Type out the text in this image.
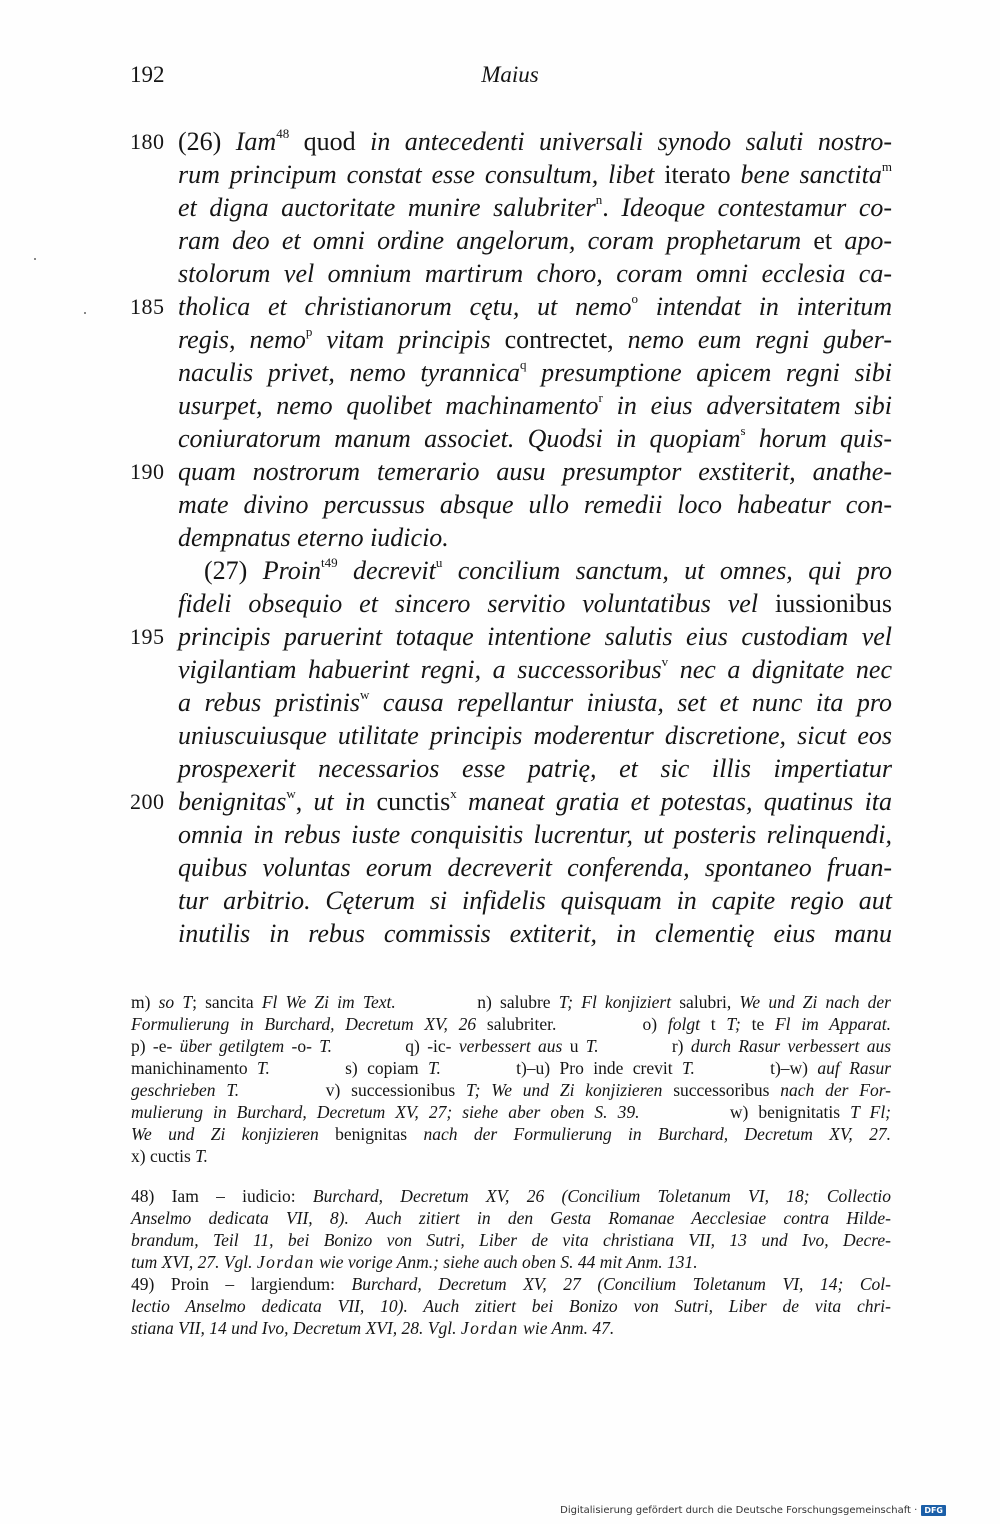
192	Maius
(26) Iam$^{48}$ quod in antecedenti universali synodo saluti nostro-
180
rum principum constat esse consultum, libet iterato bene sanctita$^m$
et digna auctoritate munire salubriter$^n$. Ideoque contestamur co-
ram deo et omni ordine angelorum, coram prophetarum et apo-
stolorum vel omnium martirum choro, coram omni ecclesia ca-
tholica et christianorum cętu, ut nemo$^o$ intendat in interitum
185
regis, nemo$^p$ vitam principis contrectet, nemo eum regni guber-
naculis privet, nemo tyrannica$^q$ presumptione apicem regni sibi
usurpet, nemo quolibet machinamento$^r$ in eius adversitatem sibi
coniuratorum manum associet. Quodsi in quopiam$^s$ horum quis-
quam nostrorum temerario ausu presumptor exstiterit, anathe-
190
mate divino percussus absque ullo remedii loco habeatur con-
dempnatus eterno iudicio.
(27) Proin$^{t49}$ decrevit$^u$ concilium sanctum, ut omnes, qui pro
fideli obsequio et sincero servitio voluntatibus vel iussionibus
principis paruerint totaque intentione salutis eius custodiam vel
195
vigilantiam habuerint regni, a successoribus$^v$ nec a dignitate nec
a rebus pristinis$^w$ causa repellantur iniusta, set et nunc ita pro
uniuscuiusque utilitate principis moderentur discretione, sicut eos
prospexerit necessarios esse patrię, et sic illis impertiatur
benignitas$^w$, ut in cunctis$^x$ maneat gratia et potestas, quatinus ita
200
omnia in rebus iuste conquisitis lucrentur, ut posteris relinquendi,
quibus voluntas eorum decreverit conferenda, spontaneo fruan-
tur arbitrio. Cęterum si infidelis quisquam in capite regio aut
inutilis in rebus commissis extiterit, in clementię eius manu
m) so T; sancita Fl We Zi im Text.          n) salubre T; Fl konjiziert salubri, We und Zi nach der
Formulierung in Burchard, Decretum XV, 26 salubriter.        o) folgt t T; te Fl im Apparat.
p) -e- über getilgtem -o- T.          q) -ic- verbessert aus u T.          r) durch Rasur verbessert aus
manichinamento T.        s) copiam T.        t)–u) Pro inde crevit T.        t)–w) auf Rasur
geschrieben T.        v) successionibus T; We und Zi konjizieren successoribus nach der For-
mulierung in Burchard, Decretum XV, 27; siehe aber oben S. 39.         w) benignitatis T Fl;
We und Zi konjizieren benignitas nach der Formulierung in Burchard, Decretum XV, 27.
x) cuctis T.
48) Iam – iudicio: Burchard, Decretum XV, 26 (Concilium Toletanum VI, 18; Collectio
Anselmo dedicata VII, 8). Auch zitiert in den Gesta Romanae Aecclesiae contra Hilde-
brandum, Teil 11, bei Bonizo von Sutri, Liber de vita christiana VII, 13 und Ivo, Decre-
tum XVI, 27. Vgl. Jordan wie vorige Anm.; siehe auch oben S. 44 mit Anm. 131.
49) Proin – largiendum: Burchard, Decretum XV, 27 (Concilium Toletanum VI, 14; Col-
lectio Anselmo dedicata VII, 10). Auch zitiert bei Bonizo von Sutri, Liber de vita chri-
stiana VII, 14 und Ivo, Decretum XVI, 28. Vgl. Jordan wie Anm. 47.
Digitalisierung gefördert durch die Deutsche Forschungsgemeinschaft · DFG
